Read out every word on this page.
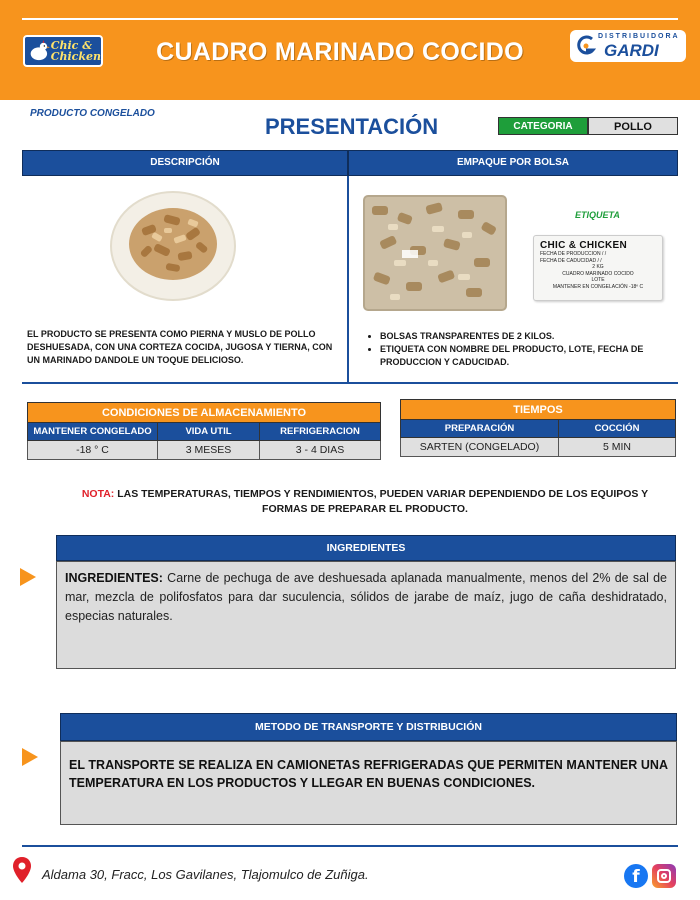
Chic &
Chicken	CUADRO MARINADO COCIDO
DISTRIBUIDORA
GARDI
PRODUCTO CONGELADO
PRESENTACIÓN	CATEGORIA	POLLO
DESCRIPCIÓN	EMPAQUE POR BOLSA
ETIQUETA
CHIC & CHICKEN
FECHA DE PRODUCCION / /
FECHA DE CADUCIDAD / /
2 KG
CUADRO MARINADO COCIDO
LOTE
MANTENER EN CONGELACIÓN -18º C
EL PRODUCTO SE PRESENTA COMO PIERNA Y MUSLO DE POLLO DESHUESADA, CON UNA CORTEZA COCIDA, JUGOSA Y TIERNA, CON UN MARINADO DANDOLE UN TOQUE DELICIOSO.
• BOLSAS TRANSPARENTES DE 2 KILOS.
• ETIQUETA CON NOMBRE DEL PRODUCTO, LOTE, FECHA DE PRODUCCION Y CADUCIDAD.
CONDICIONES DE ALMACENAMIENTO		
MANTENER CONGELADO	VIDA UTIL	REFRIGERACION
-18 ° C	3 MESES	3 - 4 DIAS
TIEMPOS	
PREPARACIÓN	COCCIÓN
SARTEN (CONGELADO)	5 MIN
NOTA: LAS TEMPERATURAS, TIEMPOS Y RENDIMIENTOS, PUEDEN VARIAR DEPENDIENDO DE LOS EQUIPOS Y FORMAS DE PREPARAR EL PRODUCTO.
INGREDIENTES
INGREDIENTES: Carne de pechuga de ave deshuesada aplanada manualmente, menos del 2% de sal de mar, mezcla de polifosfatos para dar suculencia, sólidos de jarabe de maíz, jugo de caña deshidratado, especias naturales.
METODO DE TRANSPORTE Y DISTRIBUCIÓN
EL TRANSPORTE SE REALIZA EN CAMIONETAS REFRIGERADAS QUE PERMITEN MANTENER UNA TEMPERATURA EN LOS PRODUCTOS Y LLEGAR EN BUENAS CONDICIONES.
Aldama 30, Fracc, Los Gavilanes, Tlajomulco de Zuñiga.	f
